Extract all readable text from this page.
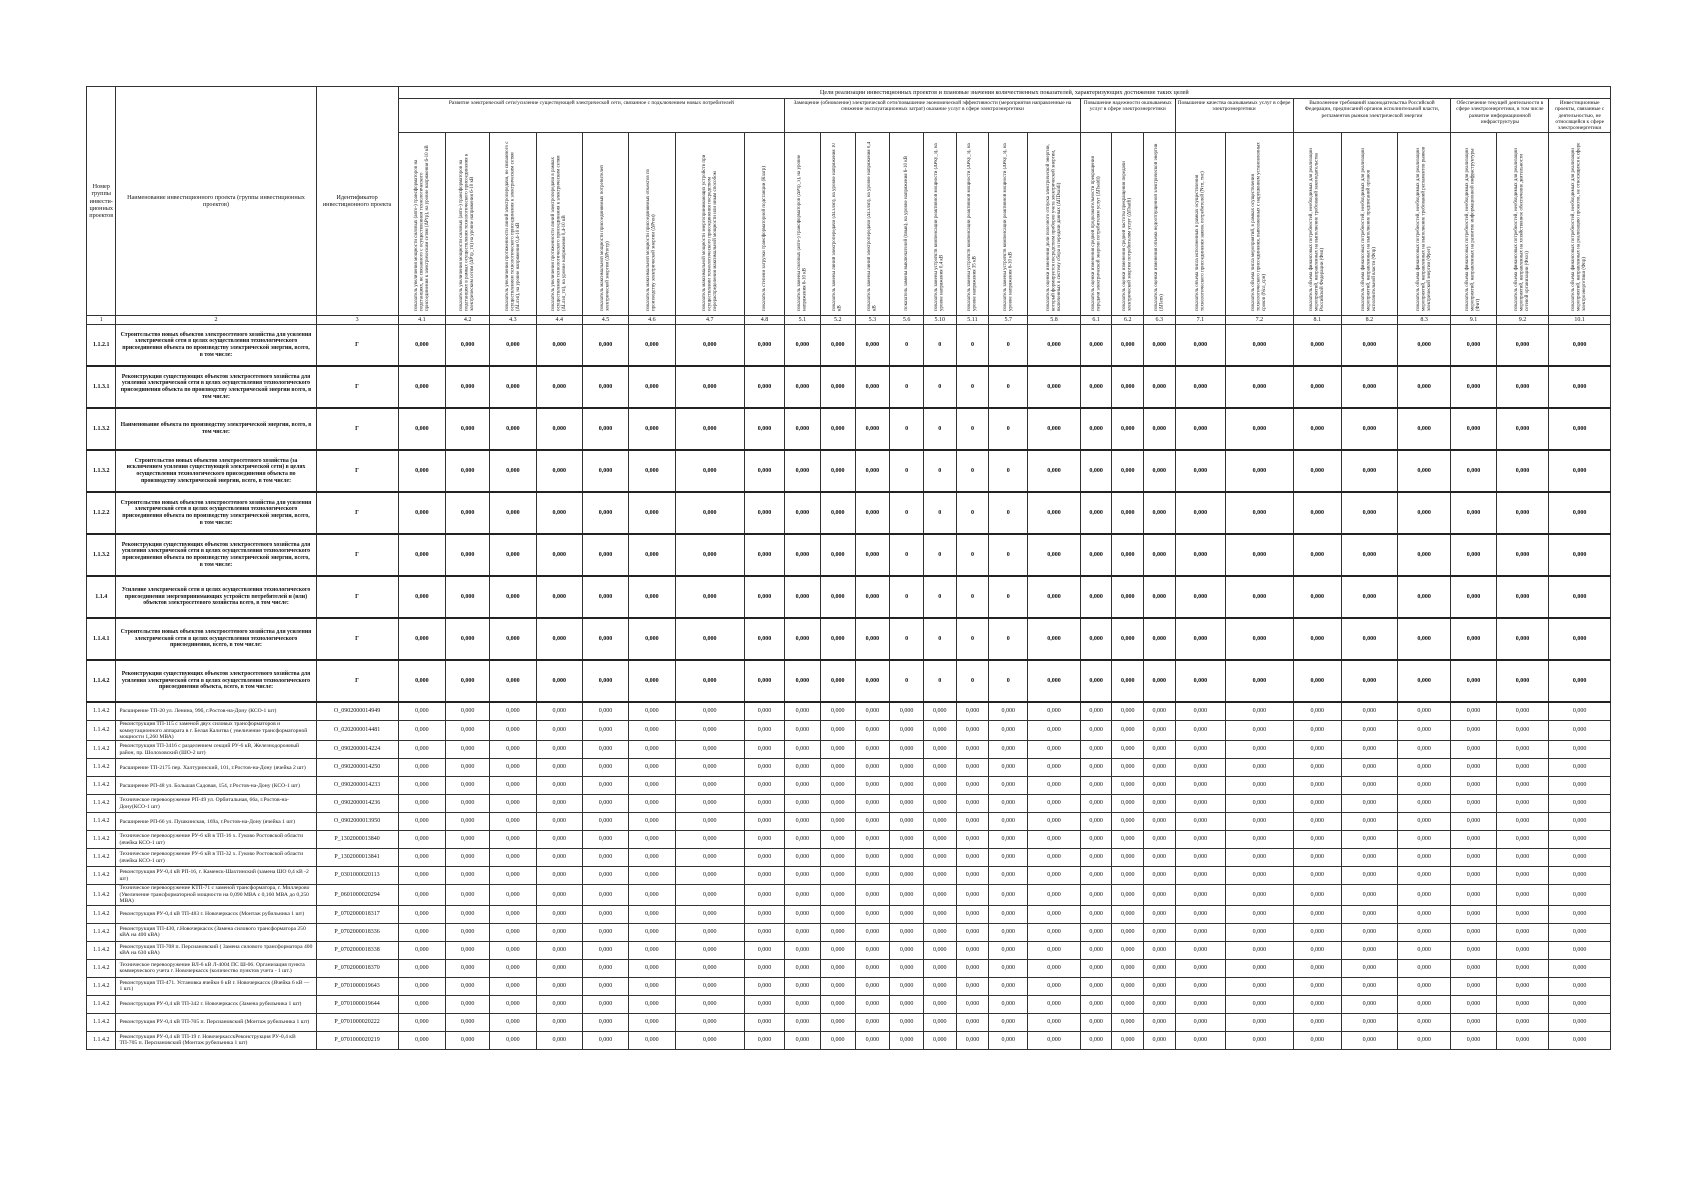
Номер группы инвести-ционных проектов	Наименование инвестиционного проекта (группы инвестиционных проектов)	Идентификатор инвестиционного проекта	Цели реализации инвестиционных проектов и плановые значения количественных показателей, характеризующих достижение таких целей																										
			Развитие электрической сети/усиление существующей электрической сети, связанное с подключением новых потребителей								Замещение (обновление) электрической сети/повышение экономической эффективности (мероприятия направленные на снижение эксплуатационных затрат) оказание услуг в сфере электроэнергетики								Повышение надежности оказываемых услуг в сфере электроэнергетики			Повышение качества оказываемых услуг в сфере электроэнергетики		Выполнение требований законодательства Российской Федерации, предписаний органов исполнительной власти, регламентов рынков электрической энергии			Обеспечение текущей деятельности в сфере электроэнергетики, в том числе развитие информационной инфраструктуры		Инвестиционные проекты, связанные с деятельностью, не относящейся к сфере электроэнергетики
			показатель увеличения мощности силовых (авто-) трансформаторов на подстанциях, не связанного с осуществлением технологического присоединения к электрическим сетям (ΔPтр), на уровне напряжения 6-10 кВ	показатель увеличения мощности силовых (авто-) трансформаторов на подстанциях в рамках осуществления технологического присоединения к электрическим сетям (ΔPтр_тп) на уровне напряжения 6-10 кВ	показатель увеличения протяженности линий электропередачи, не связанного с осуществлением технологического присоединения к электрическим сетям (ΔLлэп), на уровне напряжения 0,4-10 кВ	показатель увеличения протяженности линий электропередачи в рамках осуществления технологического присоединения к электрическим сетям (ΔLлэп_тп), на уровне напряжения 0,4-10 кВ	показатель максимальной мощности присоединяемых потребителей электрической энергии (ΔРпотр)	показатель максимальной мощности присоединяемых объектов по производству электрической энергии (ΔРген)	показатель максимальной мощности энергопринимающих устройств при осуществлении технологического присоединения посредством перераспределения максимальной мощности или иным способом	показатель степени загрузки трансформаторной подстанции (Кзагр)	показатель замены силовых (авто-) трансформаторов (ΔPтр_з), на уровне напряжения 6-10 кВ	показатель замены линий электропередачи (ΔLзлэп), на уровне напряжения 10 кВ	показатель замены линий электропередачи (ΔLзлэп), на уровне напряжения 0,4 кВ	показатель замены выключателей (nвык), на уровне напряжения 6-10 кВ	показатель замены устройств компенсации реактивной мощности (ΔPку_з), на уровне напряжения 0,4 кВ	показатель замены устройств компенсации реактивной мощности (ΔPку_з), на уровне напряжения 35 кВ	показатель замены устройств компенсации реактивной мощности (ΔPку_з), на уровне напряжения 6-10 кВ	показатель оценки изменения доли полезного отпуска электрической энергии, который формируется посредством приборов учета электрической энергии, включенных в систему сбора и передачи данных (ΔПDsaidi)	показатель оценки изменения средней продолжительности прекращения передачи электрической энергии потребителям услуг (ΔПsaidi)	показатель оценки изменения средней частоты прекращения передачи электрической энергии потребителям услуг (ΔПsaifi)	показатель оценки изменения объема недоотпущенной электрической энергии (ΔПens)	показатель объема числа исполненных в рамках осуществления технологического присоединения заявок потребителей (Nтп, тнс)	показатель объема числа мероприятий, в рамках осуществления технологического присоединения, выполненных с нарушением установленных сроков (Nсл_срн)	показатель объема финансовых потребностей, необходимых для реализации мероприятий, направленных на выполнение требований законодательства Российской Федерации (Фвп)	показатель объема финансовых потребностей, необходимых для реализации мероприятий, направленных на выполнение предписаний органов исполнительной власти (Фпр)	показатель объема финансовых потребностей, необходимых для реализации мероприятий, направленных на выполнение требований регламентов рынков электрической энергии (Фрег)	показатель объема финансовых потребностей, необходимых для реализации мероприятий, направленных на развитие информационной инфраструктуры (Фит)	показатель объема финансовых потребностей, необходимых для реализации мероприятий, направленных на хозяйственное обеспечение деятельности сетевой организации (Фхоз)	показатель объема финансовых потребностей, необходимых для реализации мероприятий, направленных на реализацию проектов, не относящихся к сфере электроэнергетики (Фпр)
1	2	3	4.1	4.2	4.3	4.4	4.5	4.6	4.7	4.8	5.1	5.2	5.3	5.6	5.10	5.11	5.7	5.8	6.1	6.2	6.3	7.1	7.2	8.1	8.2	8.3	9.1	9.2	10.1
1.1.2.1	Строительство новых объектов электросетевого хозяйства для усиления электрической сети в целях осуществления технологического присоединения объекта по производству электрической энергии, всего, в том числе:	Г	0,000	0,000	0,000	0,000	0,000	0,000	0,000	0,000	0,000	0,000	0,000	0	0	0	0	0,000	0,000	0,000	0,000	0,000	0,000	0,000	0,000	0,000	0,000	0,000	0,000
1.1.3.1	Реконструкция существующих объектов электросетевого хозяйства для усиления электрической сети в целях осуществления технологического присоединения объекта по производству электрической энергии всего, в том числе:	Г	0,000	0,000	0,000	0,000	0,000	0,000	0,000	0,000	0,000	0,000	0,000	0	0	0	0	0,000	0,000	0,000	0,000	0,000	0,000	0,000	0,000	0,000	0,000	0,000	0,000
1.1.3.2	Наименование объекта по производству электрической энергии, всего, в том числе:	Г	0,000	0,000	0,000	0,000	0,000	0,000	0,000	0,000	0,000	0,000	0,000	0	0	0	0	0,000	0,000	0,000	0,000	0,000	0,000	0,000	0,000	0,000	0,000	0,000	0,000
1.1.3.2	Строительство новых объектов электросетевого хозяйства (за исключением усиления существующей электрической сети) в целях осуществления технологического присоединения объекта по производству электрической энергии, всего, в том числе:	Г	0,000	0,000	0,000	0,000	0,000	0,000	0,000	0,000	0,000	0,000	0,000	0	0	0	0	0,000	0,000	0,000	0,000	0,000	0,000	0,000	0,000	0,000	0,000	0,000	0,000
1.1.2.2	Строительство новых объектов электросетевого хозяйства для усиления электрической сети в целях осуществления технологического присоединения объекта по производству электрической энергии, всего, в том числе:	Г	0,000	0,000	0,000	0,000	0,000	0,000	0,000	0,000	0,000	0,000	0,000	0	0	0	0	0,000	0,000	0,000	0,000	0,000	0,000	0,000	0,000	0,000	0,000	0,000	0,000
1.1.3.2	Реконструкция существующих объектов электросетевого хозяйства для усиления электрической сети в целях осуществления технологического присоединения объекта по производству электрической энергии, всего, в том числе:	Г	0,000	0,000	0,000	0,000	0,000	0,000	0,000	0,000	0,000	0,000	0,000	0	0	0	0	0,000	0,000	0,000	0,000	0,000	0,000	0,000	0,000	0,000	0,000	0,000	0,000
1.1.4	Усиление электрической сети в целях осуществления технологического присоединения энергопринимающих устройств потребителей и (или) объектов электросетевого хозяйства всего, в том числе:	Г	0,000	0,000	0,000	0,000	0,000	0,000	0,000	0,000	0,000	0,000	0,000	0	0	0	0	0,000	0,000	0,000	0,000	0,000	0,000	0,000	0,000	0,000	0,000	0,000	0,000
1.1.4.1	Строительство новых объектов электросетевого хозяйства для усиления электрической сети в целях осуществления технологического присоединения, всего, в том числе:	Г	0,000	0,000	0,000	0,000	0,000	0,000	0,000	0,000	0,000	0,000	0,000	0	0	0	0	0,000	0,000	0,000	0,000	0,000	0,000	0,000	0,000	0,000	0,000	0,000	0,000
1.1.4.2	Реконструкция существующих объектов электросетевого хозяйства для усиления электрической сети в целях осуществления технологического присоединения объекта, всего, в том числе:	Г	0,000	0,000	0,000	0,000	0,000	0,000	0,000	0,000	0,000	0,000	0,000	0	0	0	0	0,000	0,000	0,000	0,000	0,000	0,000	0,000	0,000	0,000	0,000	0,000	0,000
1.1.4.2	Расширение ТП-20 ул. Ленина, 99б, г.Ростов-на-Дону (КСО-1 шт)	О_0902000014949	0,000	0,000	0,000	0,000	0,000	0,000	0,000	0,000	0,000	0,000	0,000	0,000	0,000	0,000	0,000	0,000	0,000	0,000	0,000	0,000	0,000	0,000	0,000	0,000	0,000	0,000	0,000
1.1.4.2	Реконструкция ТП-115 с заменой двух силовых трансформаторов и коммутационного аппарата в г. Белая Калитва ( увеличение трансформаторной мощности 1,260 МВА)	О_0202000014481	0,000	0,000	0,000	0,000	0,000	0,000	0,000	0,000	0,000	0,000	0,000	0,000	0,000	0,000	0,000	0,000	0,000	0,000	0,000	0,000	0,000	0,000	0,000	0,000	0,000	0,000	0,000
1.1.4.2	Реконструкция ТП-3416 с разделением секций РУ-6 кВ, Железнодорожный район, пр. Шолоховский (ШО-2 шт)	О_0902000014224	0,000	0,000	0,000	0,000	0,000	0,000	0,000	0,000	0,000	0,000	0,000	0,000	0,000	0,000	0,000	0,000	0,000	0,000	0,000	0,000	0,000	0,000	0,000	0,000	0,000	0,000	0,000
1.1.4.2	Расширение ТП-2175 пер. Халтуринский, 101, г.Ростов-на-Дону (ячейка 2 шт)	О_0902000014250	0,000	0,000	0,000	0,000	0,000	0,000	0,000	0,000	0,000	0,000	0,000	0,000	0,000	0,000	0,000	0,000	0,000	0,000	0,000	0,000	0,000	0,000	0,000	0,000	0,000	0,000	0,000
1.1.4.2	Расширение РП-48 ул. Большая Садовая, 154, г.Ростов-на-Дону (КСО-1 шт)	О_0902000014233	0,000	0,000	0,000	0,000	0,000	0,000	0,000	0,000	0,000	0,000	0,000	0,000	0,000	0,000	0,000	0,000	0,000	0,000	0,000	0,000	0,000	0,000	0,000	0,000	0,000	0,000	0,000
1.1.4.2	Техническое перевооружение РП-49 ул. Орбитальная, 66а, г.Ростов-на-Дону(КСО-1 шт)	О_0902000014236	0,000	0,000	0,000	0,000	0,000	0,000	0,000	0,000	0,000	0,000	0,000	0,000	0,000	0,000	0,000	0,000	0,000	0,000	0,000	0,000	0,000	0,000	0,000	0,000	0,000	0,000	0,000
1.1.4.2	Расширение РП-66 ул. Пушкинская, 169а, г.Ростов-на-Дону (ячейка 1 шт)	О_0902000013950	0,000	0,000	0,000	0,000	0,000	0,000	0,000	0,000	0,000	0,000	0,000	0,000	0,000	0,000	0,000	0,000	0,000	0,000	0,000	0,000	0,000	0,000	0,000	0,000	0,000	0,000	0,000
1.1.4.2	Техническое перевооружение РУ-6 кВ в ТП-16 х. Гуково Ростовской области (ячейка КСО-1 шт)	Р_1302000013840	0,000	0,000	0,000	0,000	0,000	0,000	0,000	0,000	0,000	0,000	0,000	0,000	0,000	0,000	0,000	0,000	0,000	0,000	0,000	0,000	0,000	0,000	0,000	0,000	0,000	0,000	0,000
1.1.4.2	Техническое перевооружение РУ-6 кВ в ТП-32 х. Гуково Ростовской области (ячейка КСО-1 шт)	Р_1302000013841	0,000	0,000	0,000	0,000	0,000	0,000	0,000	0,000	0,000	0,000	0,000	0,000	0,000	0,000	0,000	0,000	0,000	0,000	0,000	0,000	0,000	0,000	0,000	0,000	0,000	0,000	0,000
1.1.4.2	Реконструкция РУ-0,4 кВ РП-16, г. Каменск-Шахтинский (замена ШО 0,4 кВ -2 шт)	Р_0301000020113	0,000	0,000	0,000	0,000	0,000	0,000	0,000	0,000	0,000	0,000	0,000	0,000	0,000	0,000	0,000	0,000	0,000	0,000	0,000	0,000	0,000	0,000	0,000	0,000	0,000	0,000	0,000
1.1.4.2	Техническое перевооружение КТП-71 с заменой трансформатора, г. Миллерово (Увеличение трансформаторной мощности на 0,090 МВА с 0,160 МВА до 0,250 МВА)	Р_0601000020294	0,000	0,000	0,000	0,000	0,000	0,000	0,000	0,000	0,000	0,000	0,000	0,000	0,000	0,000	0,000	0,000	0,000	0,000	0,000	0,000	0,000	0,000	0,000	0,000	0,000	0,000	0,000
1.1.4.2	Реконструкция РУ-0,4 кВ ТП-483 г. Новочеркасск (Монтаж рубильника 1 шт)	Р_0702000018317	0,000	0,000	0,000	0,000	0,000	0,000	0,000	0,000	0,000	0,000	0,000	0,000	0,000	0,000	0,000	0,000	0,000	0,000	0,000	0,000	0,000	0,000	0,000	0,000	0,000	0,000	0,000
1.1.4.2	Реконструкция ТП-430, г.Новочеркасск (Замена силового трансформатора 250 кВА на 400 кВА)	Р_0702000018336	0,000	0,000	0,000	0,000	0,000	0,000	0,000	0,000	0,000	0,000	0,000	0,000	0,000	0,000	0,000	0,000	0,000	0,000	0,000	0,000	0,000	0,000	0,000	0,000	0,000	0,000	0,000
1.1.4.2	Реконструкция ТП-708 п. Персиановский ( Замена силового трансформатора 400 кВА на 630 кВА)	Р_0702000018338	0,000	0,000	0,000	0,000	0,000	0,000	0,000	0,000	0,000	0,000	0,000	0,000	0,000	0,000	0,000	0,000	0,000	0,000	0,000	0,000	0,000	0,000	0,000	0,000	0,000	0,000	0,000
1.1.4.2	Техническое перевооружение ВЛ-6 кВ Л-4004 ПС Ш-06. Организация пункта коммерческого учета г. Новочеркасск (количество пунктов учета - 1 шт.)	Р_0702000018370	0,000	0,000	0,000	0,000	0,000	0,000	0,000	0,000	0,000	0,000	0,000	0,000	0,000	0,000	0,000	0,000	0,000	0,000	0,000	0,000	0,000	0,000	0,000	0,000	0,000	0,000	0,000
1.1.4.2	Реконструкция ТП-471. Установка ячейки 6 кВ г. Новочеркасск (Ячейка 6 кВ — 1 шт.)	Р_0701000019643	0,000	0,000	0,000	0,000	0,000	0,000	0,000	0,000	0,000	0,000	0,000	0,000	0,000	0,000	0,000	0,000	0,000	0,000	0,000	0,000	0,000	0,000	0,000	0,000	0,000	0,000	0,000
1.1.4.2	Реконструкция РУ-0,4 кВ ТП-342 г. Новочеркасск (Замена рубильника 1 шт)	Р_0701000019644	0,000	0,000	0,000	0,000	0,000	0,000	0,000	0,000	0,000	0,000	0,000	0,000	0,000	0,000	0,000	0,000	0,000	0,000	0,000	0,000	0,000	0,000	0,000	0,000	0,000	0,000	0,000
1.1.4.2	Реконструкция РУ-0,4 кВ ТП-705 п. Персиановский (Монтаж рубильника 1 шт)	Р_0701000020222	0,000	0,000	0,000	0,000	0,000	0,000	0,000	0,000	0,000	0,000	0,000	0,000	0,000	0,000	0,000	0,000	0,000	0,000	0,000	0,000	0,000	0,000	0,000	0,000	0,000	0,000	0,000
1.1.4.2	Реконструкция РУ-0,4 кВ ТП-19 г. НовочеркасскРеконструкция РУ-0,4 кВ ТП-705 п. Персиановский (Монтаж рубильника 1 шт)	Р_0701000020219	0,000	0,000	0,000	0,000	0,000	0,000	0,000	0,000	0,000	0,000	0,000	0,000	0,000	0,000	0,000	0,000	0,000	0,000	0,000	0,000	0,000	0,000	0,000	0,000	0,000	0,000	0,000
